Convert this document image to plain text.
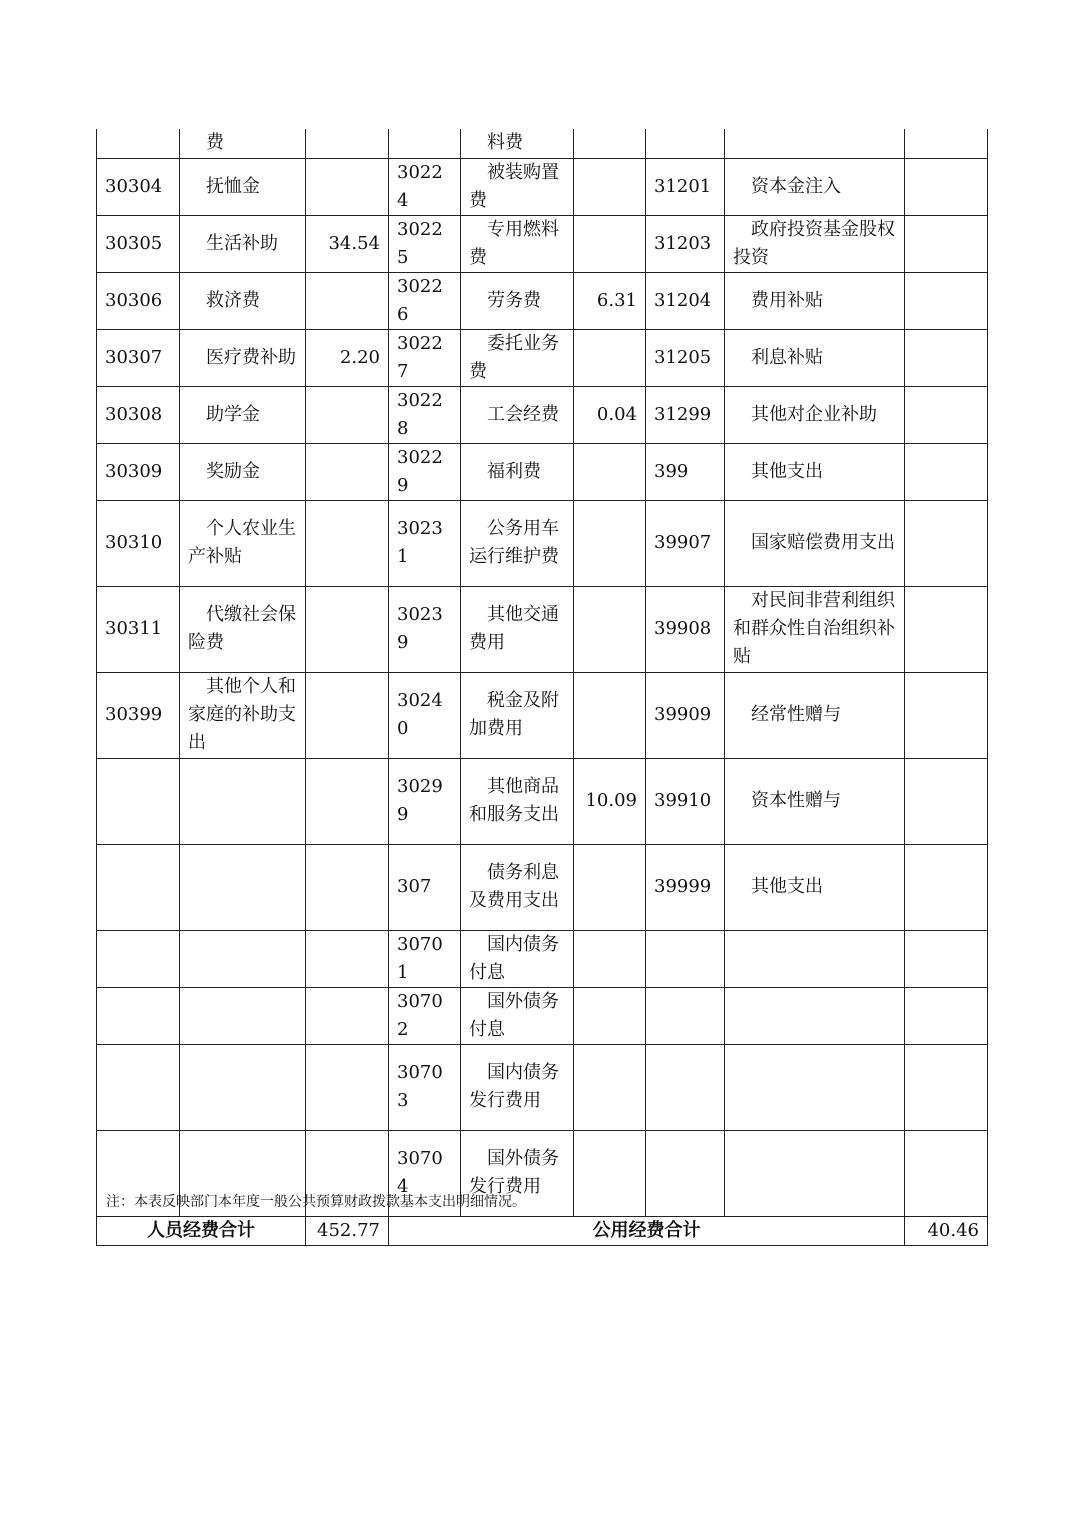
	费			料费				
30304	抚恤金		30224	被装购置费		31201	资本金注入	
30305	生活补助	34.54	30225	专用燃料费		31203	政府投资基金股权投资	
30306	救济费		30226	劳务费	6.31	31204	费用补贴	
30307	医疗费补助	2.20	30227	委托业务费		31205	利息补贴	
30308	助学金		30228	工会经费	0.04	31299	其他对企业补助	
30309	奖励金		30229	福利费		399	其他支出	
30310	个人农业生产补贴		30231	公务用车运行维护费		39907	国家赔偿费用支出	
30311	代缴社会保险费		30239	其他交通费用		39908	对民间非营利组织和群众性自治组织补贴	
30399	其他个人和家庭的补助支出		30240	税金及附加费用		39909	经常性赠与	
			30299	其他商品和服务支出	10.09	39910	资本性赠与	
			307	债务利息及费用支出		39999	其他支出	
			30701	国内债务付息				
			30702	国外债务付息				
			30703	国内债务发行费用				
			30704	国外债务发行费用				
人员经费合计		452.77	公用经费合计					40.46
注：本表反映部门本年度一般公共预算财政拨款基本支出明细情况。
